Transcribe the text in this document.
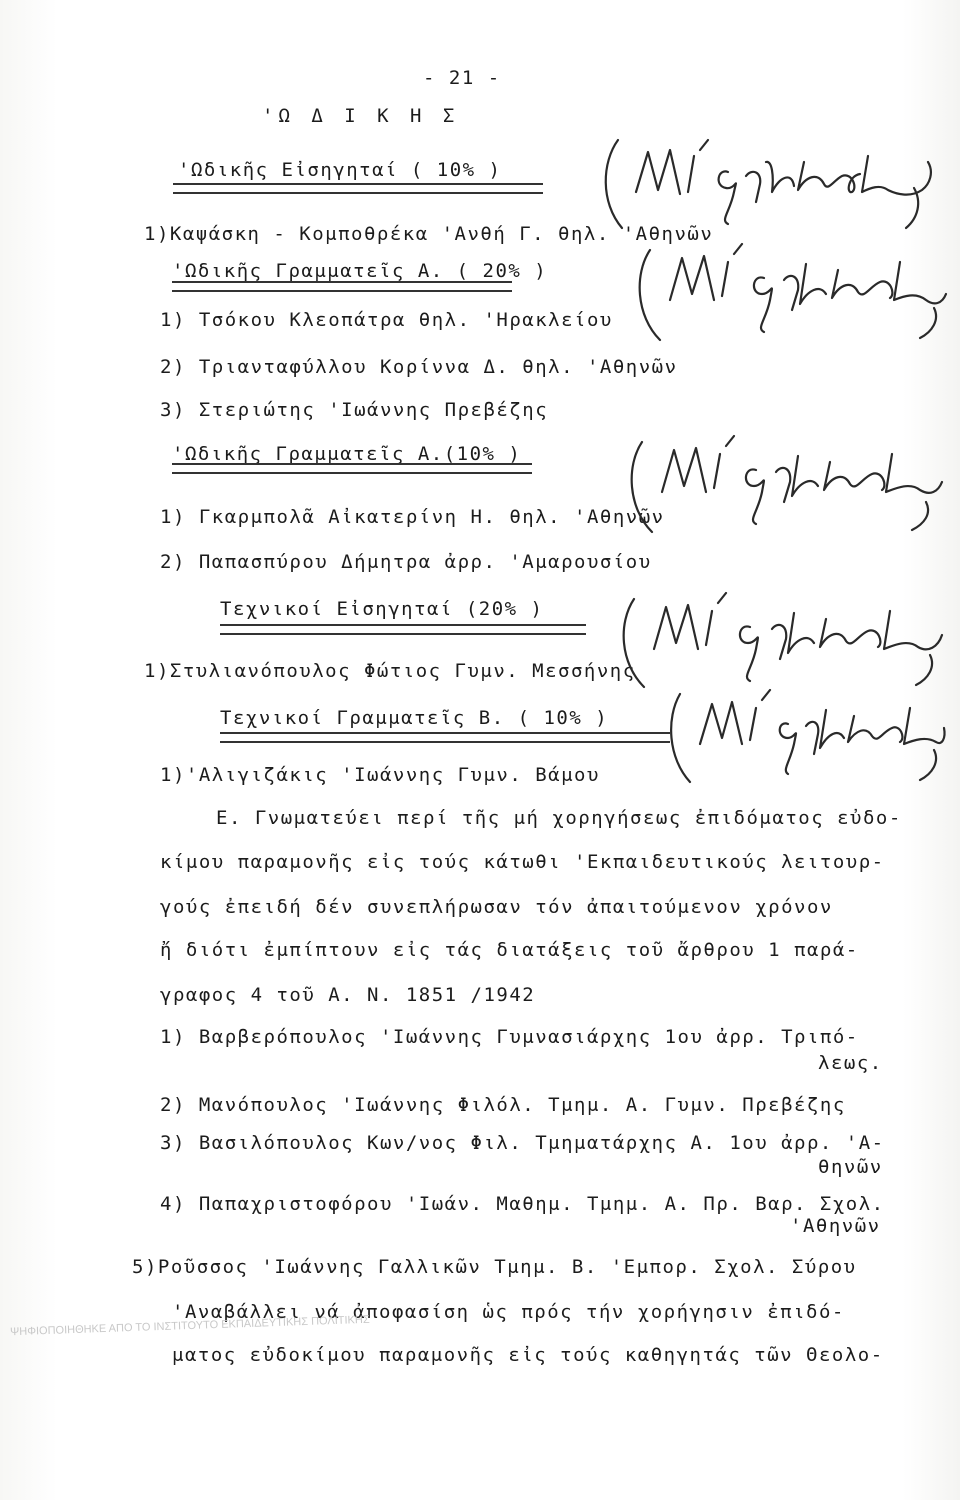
- 21 -
'Ω Δ Ι Κ Η Σ
'Ωδικῆς Εἰσηγηταί ( 10% )
1)Καψάσκη - Κομποθρέκα 'Ανθή Γ. θηλ. 'Αθηνῶν
'Ωδικῆς Γραμματεῖς Α. ( 20% )
1) Τσόκου Κλεοπάτρα θηλ. 'Ηρακλείου
2) Τριανταφύλλου Κορίννα Δ. θηλ. 'Αθηνῶν
3) Στεριώτης 'Ιωάννης Πρεβέζης
'Ωδικῆς Γραμματεῖς Α.(10% )
1) Γκαρμπολᾶ Αἰκατερίνη Η. θηλ. 'Αθηνῶν
2) Παπασπύρου Δήμητρα ἀρρ. 'Αμαρουσίου
Τεχνικοί Εἰσηγηταί (20% )
1)Στυλιανόπουλος Φώτιος Γυμν. Μεσσήνης
Τεχνικοί Γραμματεῖς Β. ( 10% )
1)'Αλιγιζάκις 'Ιωάννης Γυμν. Βάμου
Ε. Γνωματεύει περί τῆς μή χορηγήσεως ἐπιδόματος εὐδο-
κίμου παραμονῆς εἰς τούς κάτωθι 'Εκπαιδευτικούς λειτουρ-
γούς ἐπειδή δέν συνεπλήρωσαν τόν ἀπαιτούμενον χρόνον
ἤ διότι ἐμπίπτουν εἰς τάς διατάξεις τοῦ ἄρθρου 1 παρά-
γραφος 4 τοῦ Α. Ν. 1851 /1942
1) Βαρβερόπουλος 'Ιωάννης Γυμνασιάρχης 1ου ἀρρ. Τριπό-
λεως.
2) Μανόπουλος 'Ιωάννης Φιλόλ. Τμημ. Α. Γυμν. Πρεβέζης
3) Βασιλόπουλος Κων/νος Φιλ. Τμηματάρχης Α. 1ου ἀρρ. 'Α-
θηνῶν
4) Παπαχριστοφόρου 'Ιωάν. Μαθημ. Τμημ. Α. Πρ. Βαρ. Σχολ.
'Αθηνῶν
5)Ροῦσσος 'Ιωάννης Γαλλικῶν Τμημ. Β. 'Εμπορ. Σχολ. Σύρου
'Αναβάλλει νά ἀποφασίση ὡς πρός τήν χορήγησιν ἐπιδό-
ματος εὐδοκίμου παραμονῆς εἰς τούς καθηγητάς τῶν Θεολο-
ΨΗΦΙΟΠΟΙΗΘΗΚΕ ΑΠΟ ΤΟ ΙΝΣΤΙΤΟΥΤΟ ΕΚΠΑΙΔΕΥΤΙΚΗΣ ΠΟΛΙΤΙΚΗΣ
